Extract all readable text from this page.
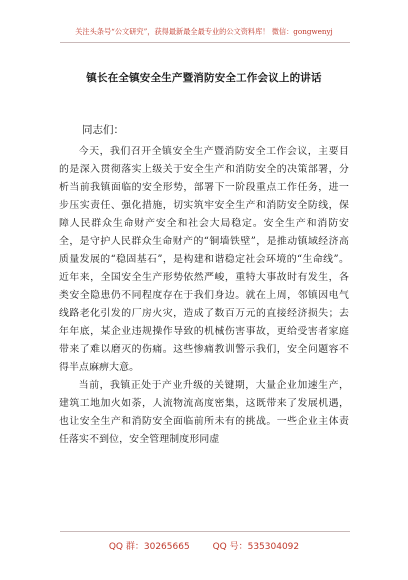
关注头条号“公文研究”，获得最新最全最专业的公文资料库！ 微信：gongwenyj
镇长在全镇安全生产暨消防安全工作会议上的讲话
同志们：

今天，我们召开全镇安全生产暨消防安全工作会议，主要目的是深入贯彻落实上级关于安全生产和消防安全的决策部署，分析当前我镇面临的安全形势，部署下一阶段重点工作任务，进一步压实责任、强化措施，切实筑牢安全生产和消防安全防线，保障人民群众生命财产安全和社会大局稳定。安全生产和消防安全，是守护人民群众生命财产的“铜墙铁壁”，是推动镇域经济高质量发展的“稳固基石”，是构建和谐稳定社会环境的“生命线”。近年来，全国安全生产形势依然严峻，重特大事故时有发生，各类安全隐患仍不同程度存在于我们身边。就在上周，邻镇因电气线路老化引发的厂房火灾，造成了数百万元的直接经济损失；去年年底，某企业违规操作导致的机械伤害事故，更给受害者家庭带来了难以磨灭的伤痛。这些惨痛教训警示我们，安全问题容不得半点麻痹大意。

当前，我镇正处于产业升级的关键期，大量企业加速生产，建筑工地加火如荼，人流物流高度密集，这既带来了发展机遇，也让安全生产和消防安全面临前所未有的挑战。一些企业主体责任落实不到位，安全管理制度形同虚

QQ 群：30265665	QQ 号：535304092
